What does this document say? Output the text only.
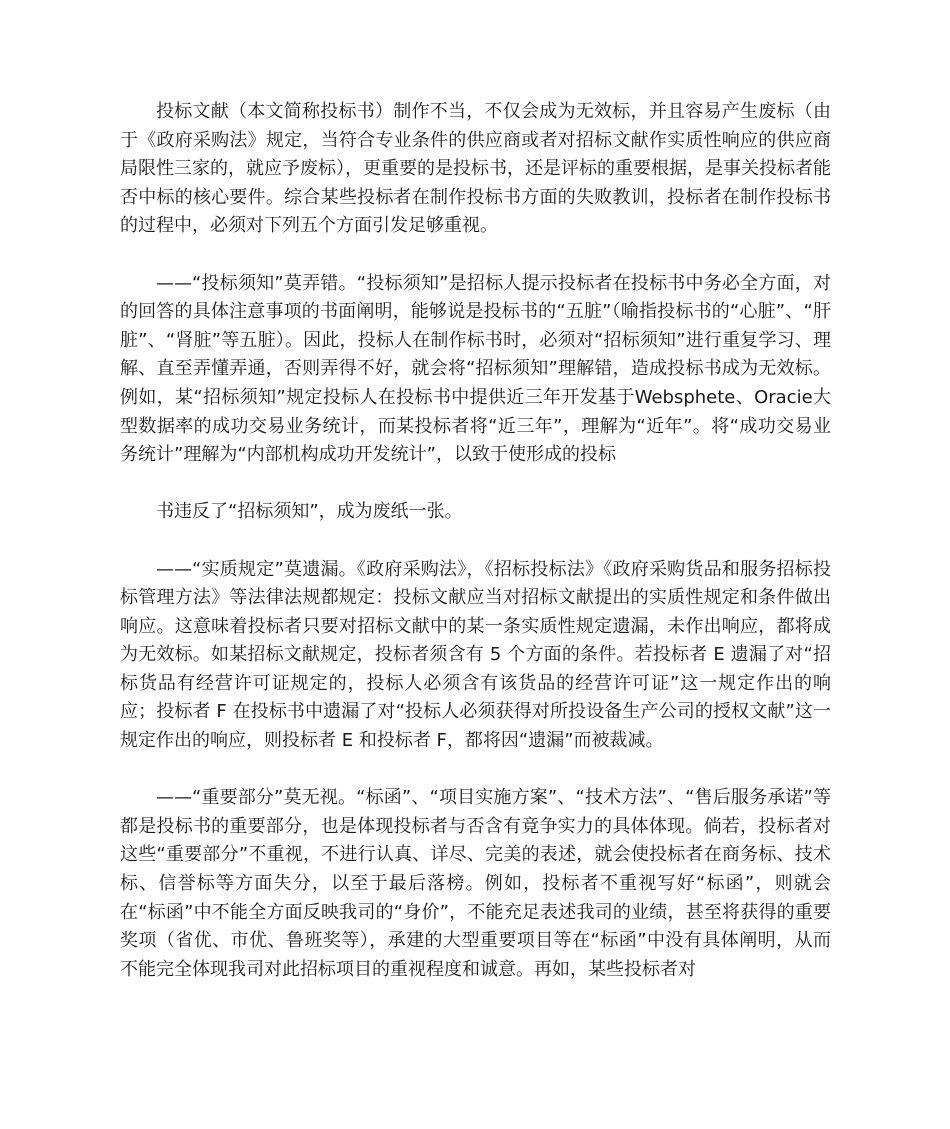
投标文献（本文简称投标书）制作不当，不仅会成为无效标，并且容易产生废标（由于《政府采购法》规定，当符合专业条件的供应商或者对招标文献作实质性响应的供应商局限性三家的，就应予废标），更重要的是投标书，还是评标的重要根据，是事关投标者能否中标的核心要件。综合某些投标者在制作投标书方面的失败教训，投标者在制作投标书的过程中，必须对下列五个方面引发足够重视。

——“投标须知”莫弄错。“投标须知”是招标人提示投标者在投标书中务必全方面，对的回答的具体注意事项的书面阐明，能够说是投标书的“五脏”（喻指投标书的“心脏”、“肝脏”、“肾脏”等五脏）。因此，投标人在制作标书时，必须对“招标须知”进行重复学习、理解、直至弄懂弄通，否则弄得不好，就会将“招标须知”理解错，造成投标书成为无效标。例如，某“招标须知”规定投标人在投标书中提供近三年开发基于Websphete、Oracie大型数据率的成功交易业务统计，而某投标者将“近三年”，理解为“近年”。将“成功交易业务统计”理解为“内部机构成功开发统计”，以致于使形成的投标

书违反了“招标须知”，成为废纸一张。

——“实质规定”莫遗漏。《政府采购法》，《招标投标法》《政府采购货品和服务招标投标管理方法》等法律法规都规定：投标文献应当对招标文献提出的实质性规定和条件做出响应。这意味着投标者只要对招标文献中的某一条实质性规定遗漏，未作出响应，都将成为无效标。如某招标文献规定，投标者须含有 5 个方面的条件。若投标者 E 遗漏了对“招标货品有经营许可证规定的，投标人必须含有该货品的经营许可证”这一规定作出的响应；投标者 F 在投标书中遗漏了对“投标人必须获得对所投设备生产公司的授权文献”这一规定作出的响应，则投标者 E 和投标者 F，都将因“遗漏”而被裁减。

——“重要部分”莫无视。“标函”、“项目实施方案”、“技术方法”、“售后服务承诺”等都是投标书的重要部分，也是体现投标者与否含有竟争实力的具体体现。倘若，投标者对这些“重要部分”不重视，不进行认真、详尽、完美的表述，就会使投标者在商务标、技术标、信誉标等方面失分，以至于最后落榜。例如，投标者不重视写好“标函”，则就会在“标函”中不能全方面反映我司的“身价”，不能充足表述我司的业绩，甚至将获得的重要奖项（省优、市优、鲁班奖等），承建的大型重要项目等在“标函”中没有具体阐明，从而不能完全体现我司对此招标项目的重视程度和诚意。再如，某些投标者对
